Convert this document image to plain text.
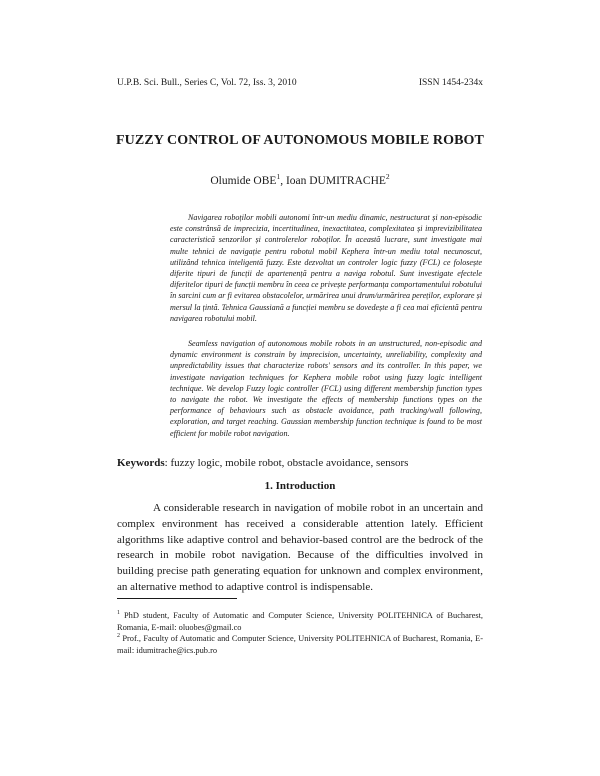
U.P.B. Sci. Bull., Series C, Vol. 72, Iss. 3, 2010	ISSN 1454-234x
FUZZY CONTROL OF AUTONOMOUS MOBILE ROBOT
Olumide OBE$^1$, Ioan DUMITRACHE$^2$

Navigarea roboților mobili autonomi într-un mediu dinamic, nestructurat și non-episodic este constrânsă de imprecizia, incertitudinea, inexactitatea, complexitatea și imprevizibilitatea caracteristică senzorilor și controlerelor roboților. În această lucrare, sunt investigate mai multe tehnici de navigație pentru robotul mobil Kephera într-un mediu total necunoscut, utilizând tehnica inteligentă fuzzy. Este dezvoltat un controler logic fuzzy (FCL) ce folosește diferite tipuri de funcții de apartenență pentru a naviga robotul. Sunt investigate efectele diferitelor tipuri de funcții membru în ceea ce privește performanța comportamentului robotului în sarcini cum ar fi evitarea obstacolelor, urmărirea unui drum/urmărirea pereților, explorare și mersul la țintă. Tehnica Gaussiană a funcției membru se dovedește a fi cea mai eficientă pentru navigarea robotului mobil.

Seamless navigation of autonomous mobile robots in an unstructured, non-episodic and dynamic environment is constrain by imprecision, uncertainty, unreliability, complexity and unpredictability issues that characterize robots' sensors and its controller. In this paper, we investigate navigation techniques for Kephera mobile robot using fuzzy logic intelligent technique. We develop Fuzzy logic controller (FCL) using different membership function types to navigate the robot. We investigate the effects of membership functions types on the performance of behaviours such as obstacle avoidance, path tracking/wall following, exploration, and target reaching. Gaussian membership function technique is found to be most efficient for mobile robot navigation.

Keywords: fuzzy logic, mobile robot, obstacle avoidance, sensors
1. Introduction

A considerable research in navigation of mobile robot in an uncertain and complex environment has received a considerable attention lately. Efficient algorithms like adaptive control and behavior-based control are the bedrock of the research in mobile robot navigation. Because of the difficulties involved in building precise path generating equation for unknown and complex environment, an alternative method to adaptive control is indispensable.

$^1$ PhD student, Faculty of Automatic and Computer Science, University POLITEHNICA of Bucharest, Romania, E-mail: oluobes@gmail.co

$^2$ Prof., Faculty of Automatic and Computer Science, University POLITEHNICA of Bucharest, Romania, E-mail: idumitrache@ics.pub.ro
